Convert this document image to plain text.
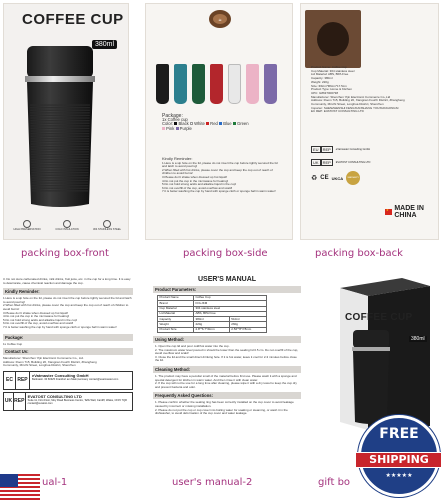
COFFEE CUP
380ml
HIGH PRESERVATION	COLD INSULATION	304 STAINLESS STEEL
packing box-front
☕
Package:
1x Coffee cup
Color: Black White Red Blue Green
Pink Purple
Kindly Reminder:
1.Here is a sip hole on the lid, please do not invert the cup before tightly secured the lid and latch to avoid pouring!
2.When filled with hot drinks, please cover the cup and keep the cup out of reach of children to avoid burns!
3.Please don't shake when dressed up hot liquid!
4.Do not put the cup in the microwave for heating!
5.Do not hold strong acids and alkaline liquid in the cup!
6.Do not overfill of the cup, avoid overflow and scald!
7.It is better washing the cup by hand with sponge cloth or sponge ball in warm water!
packing box-side
Product Name: Coffee Cup
Cup Material: 304 stainless steel
Lid Material: ABS, BPA Free
Capacity: 380ml
Weight: 220g
Size: Φ9cm*Φ6cm*17.5cm
Product Type: Home & Kitchen
UPC: G8637000738
Manufacturer: Shenzhen Yijin Electronic Commerce Co.,Ltd
Address: Room 715, Building 20, Xiangnan Fourth District, Zhangheng
Community, Minzhi Street, Longhua District, Shenzhen
Importer: SHENZHENSHI FENGXIANSHANG YOUXIANGONGSI
EC REP: EVATOST CONSULTING LTD
EU	REP	eVatmaster Consulting GmbH
UK	REP	EVATOST CONSULTING LTD
♻ CE UKCA	WARRANTY
★ MADE IN CHINA
packing box-back
3. Do not store carbonated drinks, milk drinks, fruit juice, etc. in the cup for a long time. It is easy to deteriorate, cause chemical reaction and damage the cup.
Kindly Reminder:
1.Here is a sip hole on the lid, please do not invert the cup before tightly secured the lid and latch to avoid pouring!
2.When filled with hot drinks, please cover the cup and keep the cup out of reach of children to avoid burns!
3.Please don't shake when dressed up hot liquid!
4.Do not put the cup in the microwave for heating!
5.Do not hold strong acids and alkaline liquid in the cup!
6.Do not overfill of the cup, avoid overflow and scald!
7.It is better washing the cup by hand with sponge cloth or sponge ball in warm water!
Package:
1x Coffee Cup
Contact Us:
Manufacturer: Shenzhen Yijin Electronic Commerce Co., Ltd.
Address: Room 715, Building 20, Xiangnan Fourth District, Zhangheng
Community, Minzhi Street, Longhua District, Shenzhen
EC REP
eVatmaster Consulting GmbH
Bettinastr. 30 60325 Frankfurt am Main,Germany contact@evatmaster.com
UK REP
EVATOST CONSULTING LTD
Suite 11, First Floor, Moy Road Business Centre, Taffs Well, Cardiff, Wales, CF15 7QR contact@evatost.com
ual-1
USER'S MANUAL
Product Parameters:
Product Name	Coffee Cup	
Brand	FOLJKM	
Cup Material	304 stainless steel	
Lid Material	ABS, BPA Free	
Capacity	380ml	510ml
Weight	220g	260g
Product Size	2.8"*6.7"/9mm	2.56"*8"/78mm
Using Method:
1. Open the cup lid and pour cold/hot water into the cup.
2. The maximum water level poured in should be lower than the sealing lid 0.5 cm. Do not overfill of the cup, avoid overflow and scald!
3. Close the lid and the small direct drinking hole. If it is hot water, leave it cool for 2-3 minutes before close the lid.
Cleaning Method:
1. The product may have a peculiar smell of the material before first use. Please wash it with a sponge and special detergent for kitchen in warm water. And then rinse it with clean water.
2. If the cup will not be use for a long time after cleaning, please wipe it with a dry towel to keep the cup dry and prevent bacteria and odor.
Frequently Asked Questions:
1. Please confirm whether the sealing ring has been correctly installed on the cup cover to avoid leakage caused by incorrect or missing installation.
2. Please do not put the cup or cup cover into boiling water for soaking or steaming, or wash it in the dishwasher, to avoid deformation of the cup cover and water leakage.
user's manual-2
COFFEE CUP
380ml
gift bo
FREE
SHIPPING
★★★★★
